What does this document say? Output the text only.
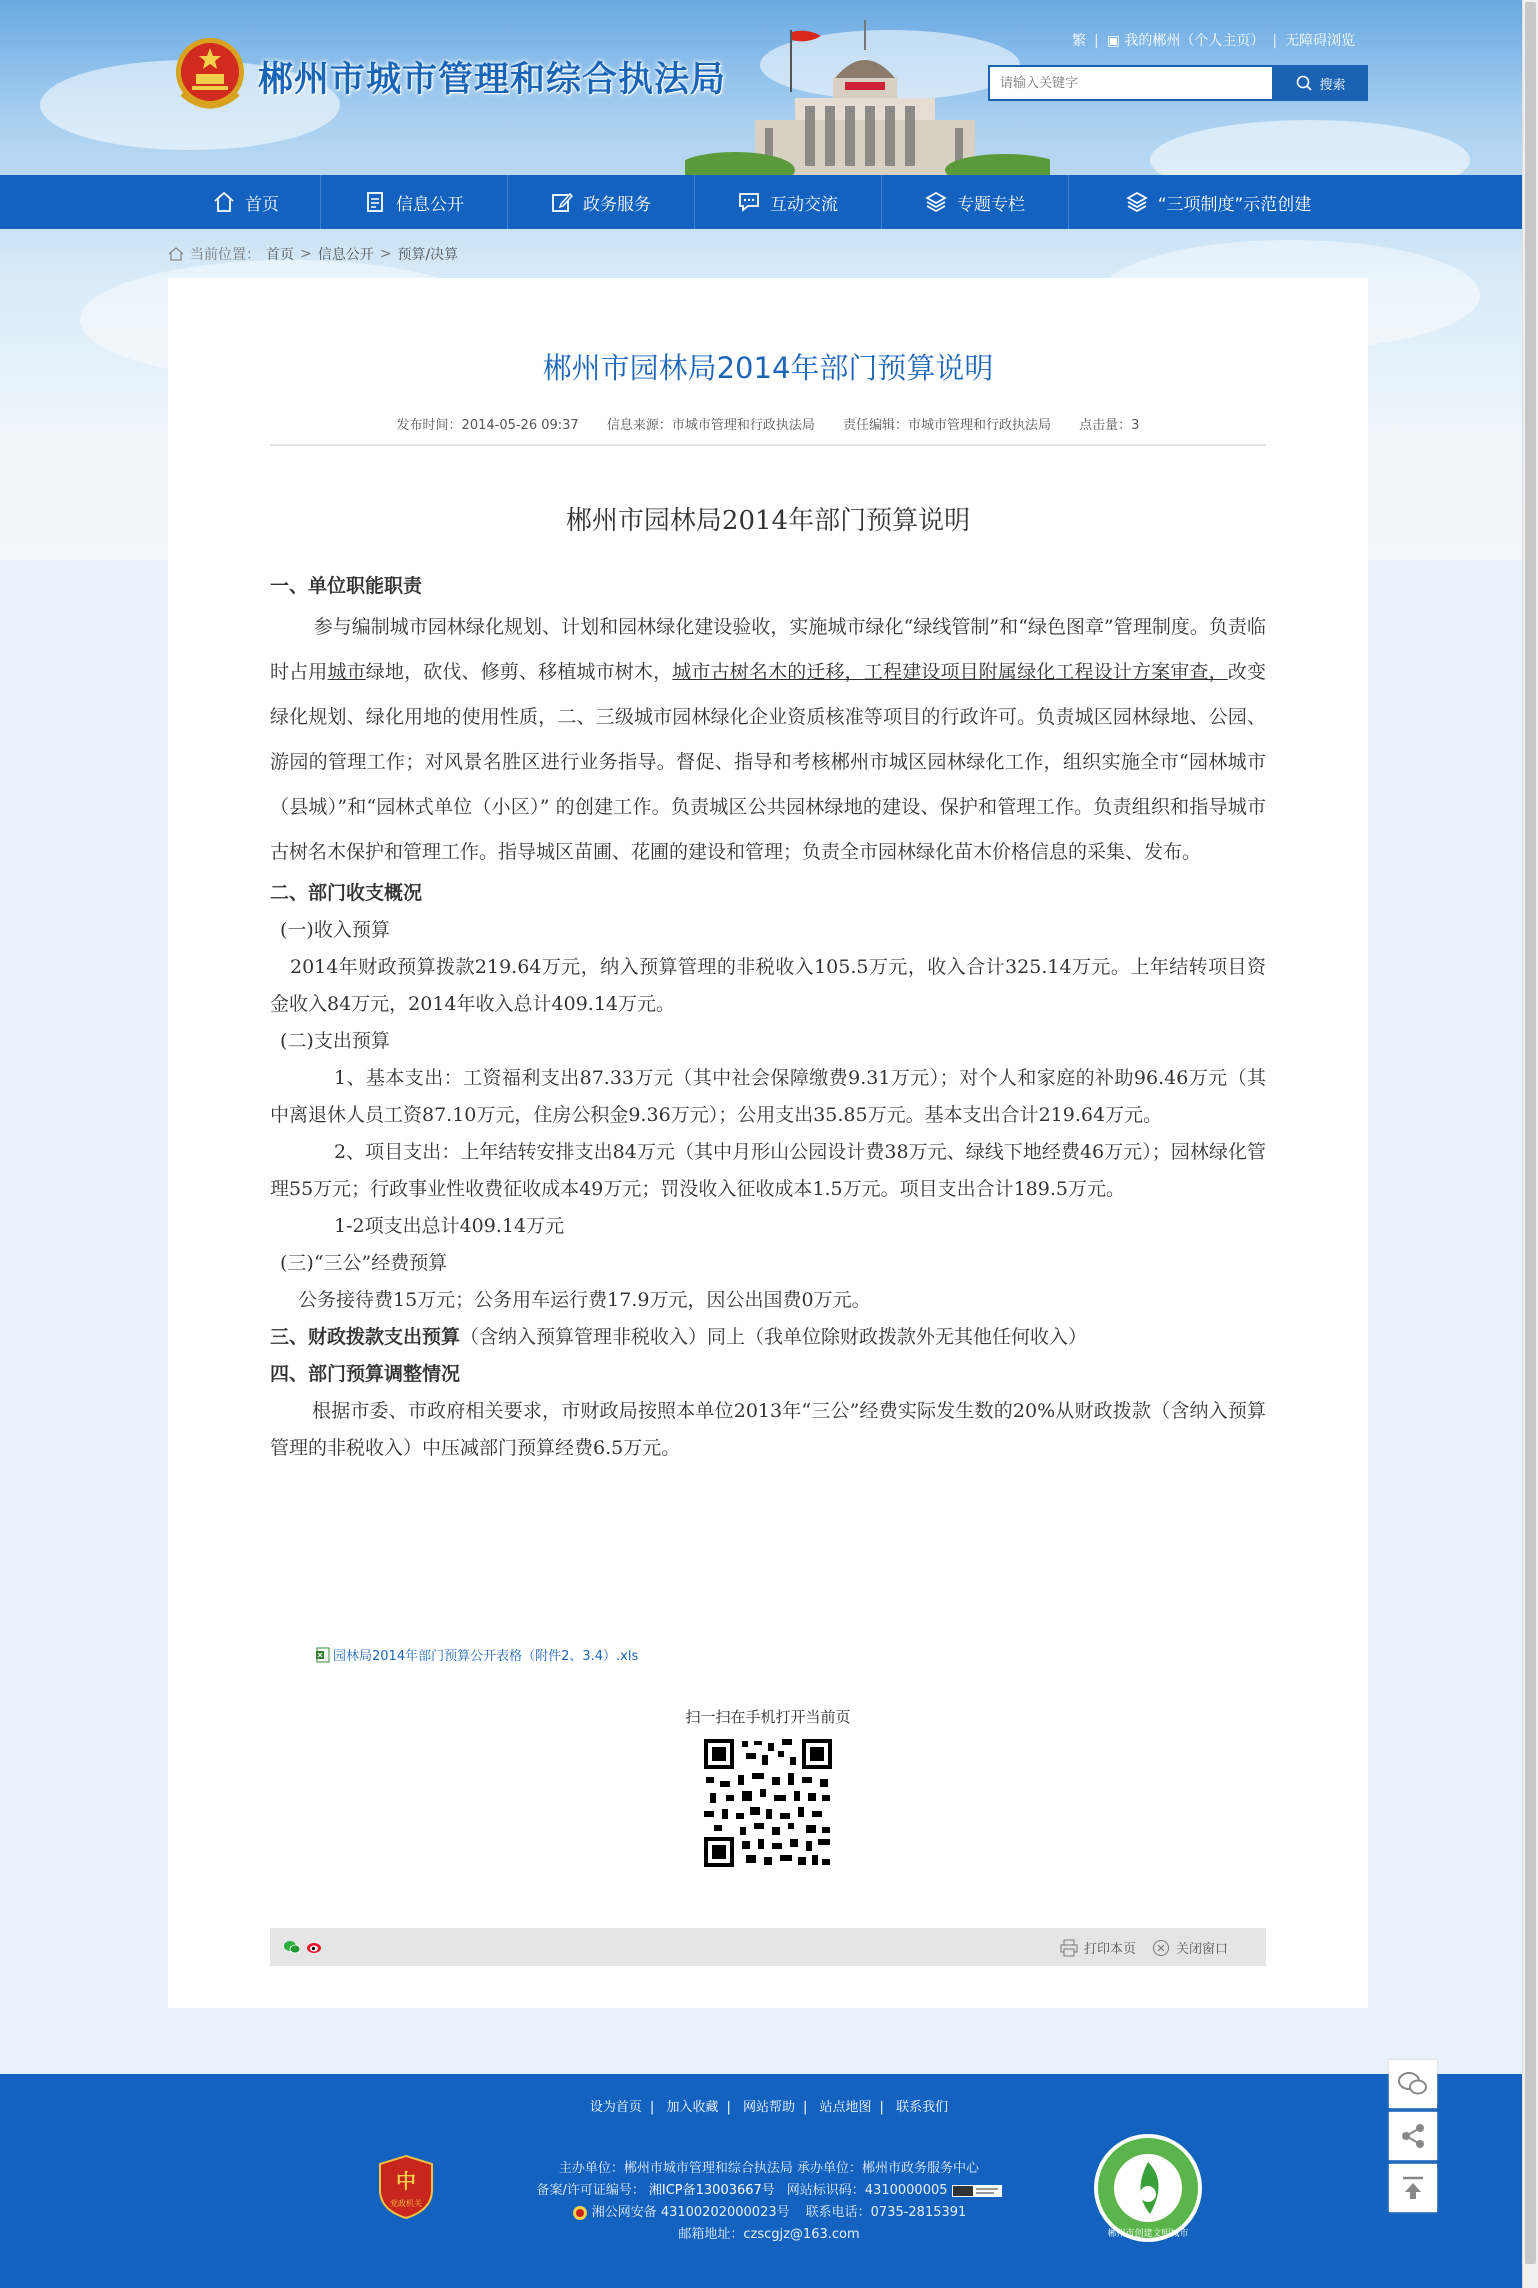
郴州市城市管理和综合执法局
繁 | ▣ 我的郴州（个人主页） | 无障碍浏览
请输入关键字
搜索
首页	信息公开	政务服务	互动交流	专题专栏	“三项制度”示范创建
当前位置： 首页 > 信息公开 > 预算/决算
郴州市园林局2014年部门预算说明
发布时间：2014-05-26 09:37 信息来源：市城市管理和行政执法局 责任编辑：市城市管理和行政执法局 点击量：3
郴州市园林局2014年部门预算说明
一、单位职能职责
参与编制城市园林绿化规划、计划和园林绿化建设验收，实施城市绿化“绿线管制”和“绿色图章”管理制度。负责临时占用城市绿地，砍伐、修剪、移植城市树木，城市古树名木的迁移，工程建设项目附属绿化工程设计方案审查，改变绿化规划、绿化用地的使用性质，二、三级城市园林绿化企业资质核准等项目的行政许可。负责城区园林绿地、公园、游园的管理工作；对风景名胜区进行业务指导。督促、指导和考核郴州市城区园林绿化工作，组织实施全市“园林城市（县城）”和“园林式单位（小区）” 的创建工作。负责城区公共园林绿地的建设、保护和管理工作。负责组织和指导城市古树名木保护和管理工作。指导城区苗圃、花圃的建设和管理；负责全市园林绿化苗木价格信息的采集、发布。
二、部门收支概况
(一)收入预算
2014年财政预算拨款219.64万元，纳入预算管理的非税收入105.5万元，收入合计325.14万元。上年结转项目资金收入84万元，2014年收入总计409.14万元。
(二)支出预算
1、基本支出：工资福利支出87.33万元（其中社会保障缴费9.31万元）；对个人和家庭的补助96.46万元（其中离退休人员工资87.10万元，住房公积金9.36万元）；公用支出35.85万元。基本支出合计219.64万元。
2、项目支出：上年结转安排支出84万元（其中月形山公园设计费38万元、绿线下地经费46万元）；园林绿化管理55万元；行政事业性收费征收成本49万元；罚没收入征收成本1.5万元。项目支出合计189.5万元。
1-2项支出总计409.14万元
(三)“三公”经费预算
公务接待费15万元；公务用车运行费17.9万元，因公出国费0万元。
三、财政拨款支出预算（含纳入预算管理非税收入）同上（我单位除财政拨款外无其他任何收入）
四、部门预算调整情况
根据市委、市政府相关要求，市财政局按照本单位2013年“三公”经费实际发生数的20%从财政拨款（含纳入预算管理的非税收入）中压减部门预算经费6.5万元。
园林局2014年部门预算公开表格（附件2、3.4）.xls
扫一扫在手机打开当前页
打印本页	关闭窗口
设为首页 | 加入收藏 | 网站帮助 | 站点地图 | 联系我们
中
党政机关
主办单位：郴州市城市管理和综合执法局 承办单位：郴州市政务服务中心
备案/许可证编号： 湘ICP备13003667号 网站标识码：4310000005
湘公网安备 43100202000023号 联系电话：0735-2815391
邮箱地址：czscgjz@163.com	郴州市创建文明城市
